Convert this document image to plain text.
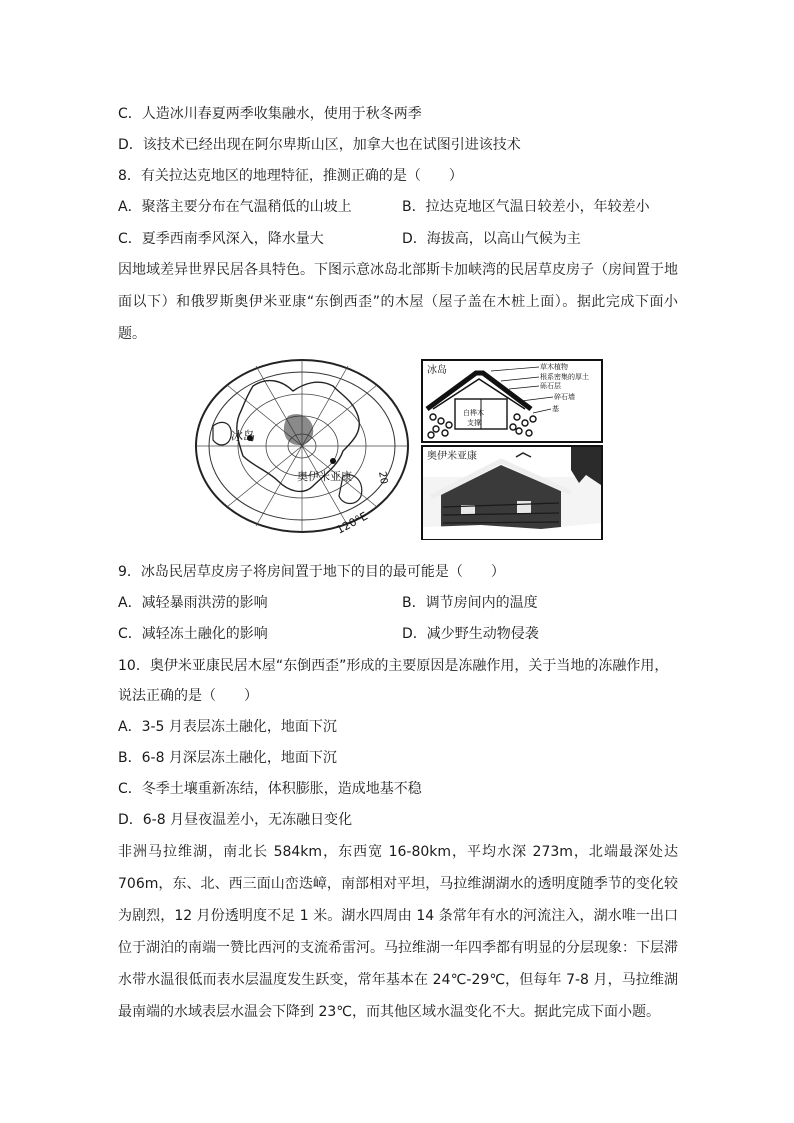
C．人造冰川春夏两季收集融水，使用于秋冬两季
D．该技术已经出现在阿尔卑斯山区，加拿大也在试图引进该技术
8．有关拉达克地区的地理特征，推测正确的是（　　）
A．聚落主要分布在气温稍低的山坡上	B．拉达克地区气温日较差小，年较差小
C．夏季西南季风深入，降水量大	D．海拔高，以高山气候为主
因地域差异世界民居各具特色。下图示意冰岛北部斯卡加峡湾的民居草皮房子（房间置于地面以下）和俄罗斯奥伊米亚康“东倒西歪”的木屋（屋子盖在木桩上面）。据此完成下面小题。
冰岛
奥伊米亚康
120°E
20
白桦木
支撑
冰岛	草木植物
根系密集的厚土
砾石层
碎石墙
基
奥伊米亚康
9．冰岛民居草皮房子将房间置于地下的目的最可能是（　　）
A．减轻暴雨洪涝的影响	B．调节房间内的温度
C．减轻冻土融化的影响	D．减少野生动物侵袭
10．奥伊米亚康民居木屋“东倒西歪”形成的主要原因是冻融作用，关于当地的冻融作用，
说法正确的是（　　）
A．3-5 月表层冻土融化，地面下沉
B．6-8 月深层冻土融化，地面下沉
C．冬季土壤重新冻结，体积膨胀，造成地基不稳
D．6-8 月昼夜温差小，无冻融日变化
非洲马拉维湖，南北长 584km，东西宽 16-80km，平均水深 273m，北端最深处达 706m，东、北、西三面山峦迭嶂，南部相对平坦，马拉维湖湖水的透明度随季节的变化较为剧烈，12 月份透明度不足 1 米。湖水四周由 14 条常年有水的河流注入，湖水唯一出口位于湖泊的南端一赞比西河的支流希雷河。马拉维湖一年四季都有明显的分层现象：下层滞水带水温很低而表水层温度发生跃变，常年基本在 24℃-29℃，但每年 7-8 月，马拉维湖最南端的水域表层水温会下降到 23℃，而其他区域水温变化不大。据此完成下面小题。
